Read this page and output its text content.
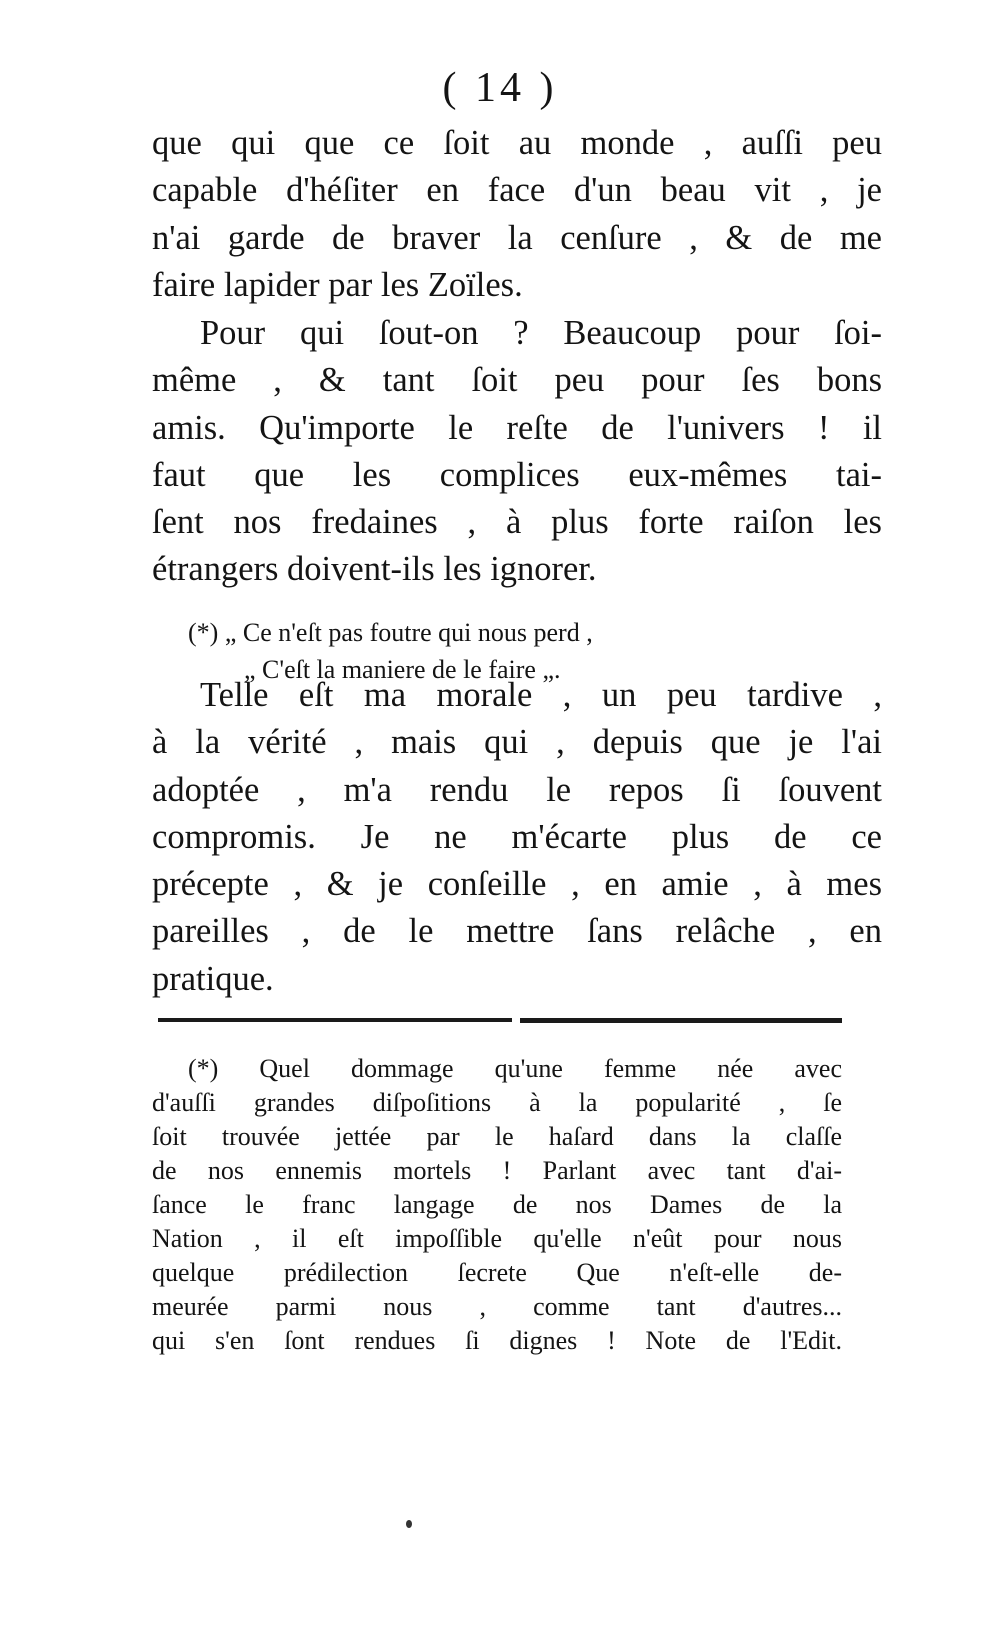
( 14 )
que qui que ce ſoit au monde , auſſi peu
capable d'héſiter en face d'un beau vit , je
n'ai garde de braver la cenſure , & de me
faire lapider par les Zoïles.
Pour qui ſout-on ? Beaucoup pour ſoi-
même , & tant ſoit peu pour ſes bons
amis. Qu'importe le reſte de l'univers ! il
faut que les complices eux-mêmes tai-
ſent nos fredaines , à plus forte raiſon les
étrangers doivent-ils les ignorer.
(*) „ Ce n'eſt pas foutre qui nous perd ,
„ C'eſt la maniere de le faire „.
Telle eſt ma morale , un peu tardive ,
à la vérité , mais qui , depuis que je l'ai
adoptée , m'a rendu le repos ſi ſouvent
compromis. Je ne m'écarte plus de ce
précepte , & je conſeille , en amie , à mes
pareilles , de le mettre ſans relâche , en
pratique.
(*) Quel dommage qu'une femme née avec
d'auſſi grandes diſpoſitions à la popularité , ſe
ſoit trouvée jettée par le haſard dans la claſſe
de nos ennemis mortels ! Parlant avec tant d'ai-
ſance le franc langage de nos Dames de la
Nation , il eſt impoſſible qu'elle n'eût pour nous
quelque prédilection ſecrete Que n'eſt-elle de-
meurée parmi nous , comme tant d'autres...
qui s'en ſont rendues ſi dignes ! Note de l'Edit.
